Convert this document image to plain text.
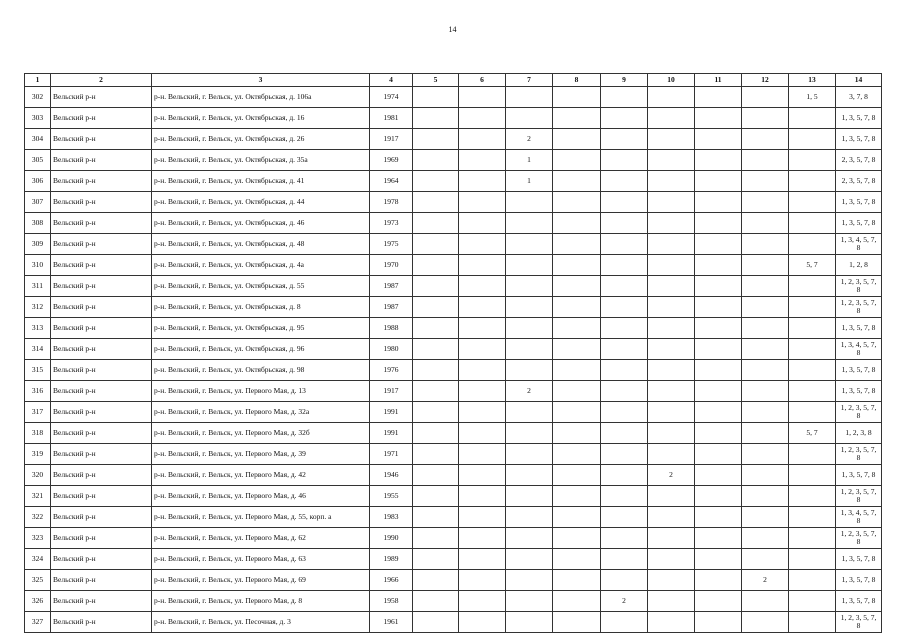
14
1	2	3	4	5	6	7	8	9	10	11	12	13	14
302	Вельский р-н	р-н. Вельский, г. Вельск, ул. Октябрьская, д. 106а	1974									1, 5	3, 7, 8
303	Вельский р-н	р-н. Вельский, г. Вельск, ул. Октябрьская, д. 16	1981										1, 3, 5, 7, 8
304	Вельский р-н	р-н. Вельский, г. Вельск, ул. Октябрьская, д. 26	1917			2							1, 3, 5, 7, 8
305	Вельский р-н	р-н. Вельский, г. Вельск, ул. Октябрьская, д. 35а	1969			1							2, 3, 5, 7, 8
306	Вельский р-н	р-н. Вельский, г. Вельск, ул. Октябрьская, д. 41	1964			1							2, 3, 5, 7, 8
307	Вельский р-н	р-н. Вельский, г. Вельск, ул. Октябрьская, д. 44	1978										1, 3, 5, 7, 8
308	Вельский р-н	р-н. Вельский, г. Вельск, ул. Октябрьская, д. 46	1973										1, 3, 5, 7, 8
309	Вельский р-н	р-н. Вельский, г. Вельск, ул. Октябрьская, д. 48	1975										1, 3, 4, 5, 7, 8
310	Вельский р-н	р-н. Вельский, г. Вельск, ул. Октябрьская, д. 4а	1970									5, 7	1, 2, 8
311	Вельский р-н	р-н. Вельский, г. Вельск, ул. Октябрьская, д. 55	1987										1, 2, 3, 5, 7, 8
312	Вельский р-н	р-н. Вельский, г. Вельск, ул. Октябрьская, д. 8	1987										1, 2, 3, 5, 7, 8
313	Вельский р-н	р-н. Вельский, г. Вельск, ул. Октябрьская, д. 95	1988										1, 3, 5, 7, 8
314	Вельский р-н	р-н. Вельский, г. Вельск, ул. Октябрьская, д. 96	1980										1, 3, 4, 5, 7, 8
315	Вельский р-н	р-н. Вельский, г. Вельск, ул. Октябрьская, д. 98	1976										1, 3, 5, 7, 8
316	Вельский р-н	р-н. Вельский, г. Вельск, ул. Первого Мая, д. 13	1917			2							1, 3, 5, 7, 8
317	Вельский р-н	р-н. Вельский, г. Вельск, ул. Первого Мая, д. 32а	1991										1, 2, 3, 5, 7, 8
318	Вельский р-н	р-н. Вельский, г. Вельск, ул. Первого Мая, д. 32б	1991									5, 7	1, 2, 3, 8
319	Вельский р-н	р-н. Вельский, г. Вельск, ул. Первого Мая, д. 39	1971										1, 2, 3, 5, 7, 8
320	Вельский р-н	р-н. Вельский, г. Вельск, ул. Первого Мая, д. 42	1946						2				1, 3, 5, 7, 8
321	Вельский р-н	р-н. Вельский, г. Вельск, ул. Первого Мая, д. 46	1955										1, 2, 3, 5, 7, 8
322	Вельский р-н	р-н. Вельский, г. Вельск, ул. Первого Мая, д. 55, корп. а	1983										1, 3, 4, 5, 7, 8
323	Вельский р-н	р-н. Вельский, г. Вельск, ул. Первого Мая, д. 62	1990										1, 2, 3, 5, 7, 8
324	Вельский р-н	р-н. Вельский, г. Вельск, ул. Первого Мая, д. 63	1989										1, 3, 5, 7, 8
325	Вельский р-н	р-н. Вельский, г. Вельск, ул. Первого Мая, д. 69	1966								2		1, 3, 5, 7, 8
326	Вельский р-н	р-н. Вельский, г. Вельск, ул. Первого Мая, д. 8	1958					2					1, 3, 5, 7, 8
327	Вельский р-н	р-н. Вельский, г. Вельск, ул. Песочная, д. 3	1961										1, 2, 3, 5, 7, 8
